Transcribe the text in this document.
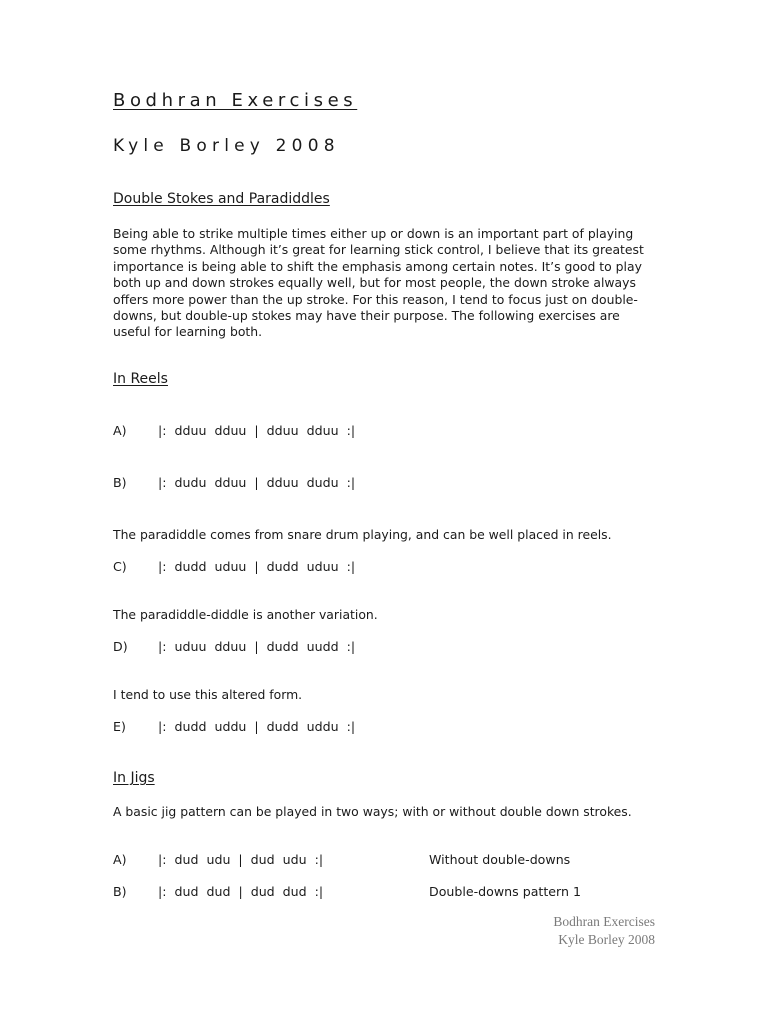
Bodhran Exercises
Kyle Borley 2008
Double Stokes and Paradiddles
Being able to strike multiple times either up or down is an important part of playing
some rhythms. Although it’s great for learning stick control, I believe that its greatest
importance is being able to shift the emphasis among certain notes. It’s good to play
both up and down strokes equally well, but for most people, the down stroke always
offers more power than the up stroke. For this reason, I tend to focus just on double-
downs, but double-up stokes may have their purpose. The following exercises are
useful for learning both.
In Reels
A) |:  dduu  dduu  |  dduu  dduu  :|
B) |:  dudu  dduu  |  dduu  dudu  :|
The paradiddle comes from snare drum playing, and can be well placed in reels.
C) |:  dudd  uduu  |  dudd  uduu  :|
The paradiddle-diddle is another variation.
D) |:  uduu  dduu  |  dudd  uudd  :|
I tend to use this altered form.
E)	|:  dudd  uddu  |  dudd  uddu  :|
In Jigs
A basic jig pattern can be played in two ways; with or without double down strokes.
A) |:  dud  udu  |  dud  udu  :|	Without double-downs
B) |:  dud  dud  |  dud  dud  :|	Double-downs pattern 1
Bodhran Exercises
Kyle Borley 2008
